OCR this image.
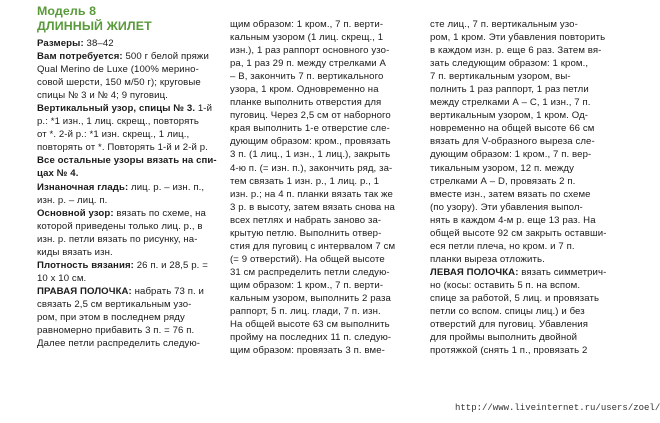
Модель 8
ДЛИННЫЙ ЖИЛЕТ
Размеры: 38–42
Вам потребуется: 500 г белой пряжи
Qual Merino de Luxe (100% мерино-
совой шерсти, 150 м/50 г); круговые
спицы № 3 и № 4; 9 пуговиц.
Вертикальный узор, спицы № 3. 1-й
р.: *1 изн., 1 лиц. скрещ., повторять
от *. 2-й р.: *1 изн. скрещ., 1 лиц.,
повторять от *. Повторять 1-й и 2-й р.
Все остальные узоры вязать на спи-
цах № 4.
Изнаночная гладь: лиц. р. – изн. п.,
изн. р. – лиц. п.
Основной узор: вязать по схеме, на
которой приведены только лиц. р., в
изн. р. петли вязать по рисунку, на-
киды вязать изн.
Плотность вязания: 26 п. и 28,5 р. =
10 х 10 см.
ПРАВАЯ ПОЛОЧКА: набрать 73 п. и
связать 2,5 см вертикальным узо-
ром, при этом в последнем ряду
равномерно прибавить 3 п. = 76 п.
Далее петли распределить следую-
щим образом: 1 кром., 7 п. верти-
кальным узором (1 лиц. скрещ., 1
изн.), 1 раз раппорт основного узо-
ра, 1 раз 29 п. между стрелками А
– В, закончить 7 п. вертикального
узора, 1 кром. Одновременно на
планке выполнить отверстия для
пуговиц. Через 2,5 см от наборного
края выполнить 1-е отверстие сле-
дующим образом: кром., провязать
3 п. (1 лиц., 1 изн., 1 лиц.), закрыть
4-ю п. (= изн. п.), закончить ряд, за-
тем связать 1 изн. р., 1 лиц. р., 1
изн. р.; на 4 п. планки вязать так же
3 р. в высоту, затем вязать снова на
всех петлях и набрать заново за-
крытую петлю. Выполнить отвер-
стия для пуговиц с интервалом 7 см
(= 9 отверстий). На общей высоте
31 см распределить петли следую-
щим образом: 1 кром., 7 п. верти-
кальным узором, выполнить 2 раза
раппорт, 5 п. лиц. глади, 7 п. изн.
На общей высоте 63 см выполнить
пройму на последних 11 п. следую-
щим образом: провязать 3 п. вме-
сте лиц., 7 п. вертикальным узо-
ром, 1 кром. Эти убавления повторить
в каждом изн. р. еще 6 раз. Затем вя-
зать следующим образом: 1 кром.,
7 п. вертикальным узором, вы-
полнить 1 раз раппорт, 1 раз петли
между стрелками А – С, 1 изн., 7 п.
вертикальным узором, 1 кром. Од-
новременно на общей высоте 66 см
вязать для V-образного выреза сле-
дующим образом: 1 кром., 7 п. вер-
тикальным узором, 12 п. между
стрелками А – D, провязать 2 п.
вместе изн., затем вязать по схеме
(по узору). Эти убавления выпол-
нять в каждом 4-м р. еще 13 раз. На
общей высоте 92 см закрыть оставши-
еся петли плеча, но кром. и 7 п.
планки выреза отложить.
ЛЕВАЯ ПОЛОЧКА: вязать симметрич-
но (косы: оставить 5 п. на вспом.
спице за работой, 5 лиц. и провязать
петли со вспом. спицы лиц.) и без
отверстий для пуговиц. Убавления
для проймы выполнить двойной
протяжкой (снять 1 п., провязать 2
http://www.liveinternet.ru/users/zoel/
